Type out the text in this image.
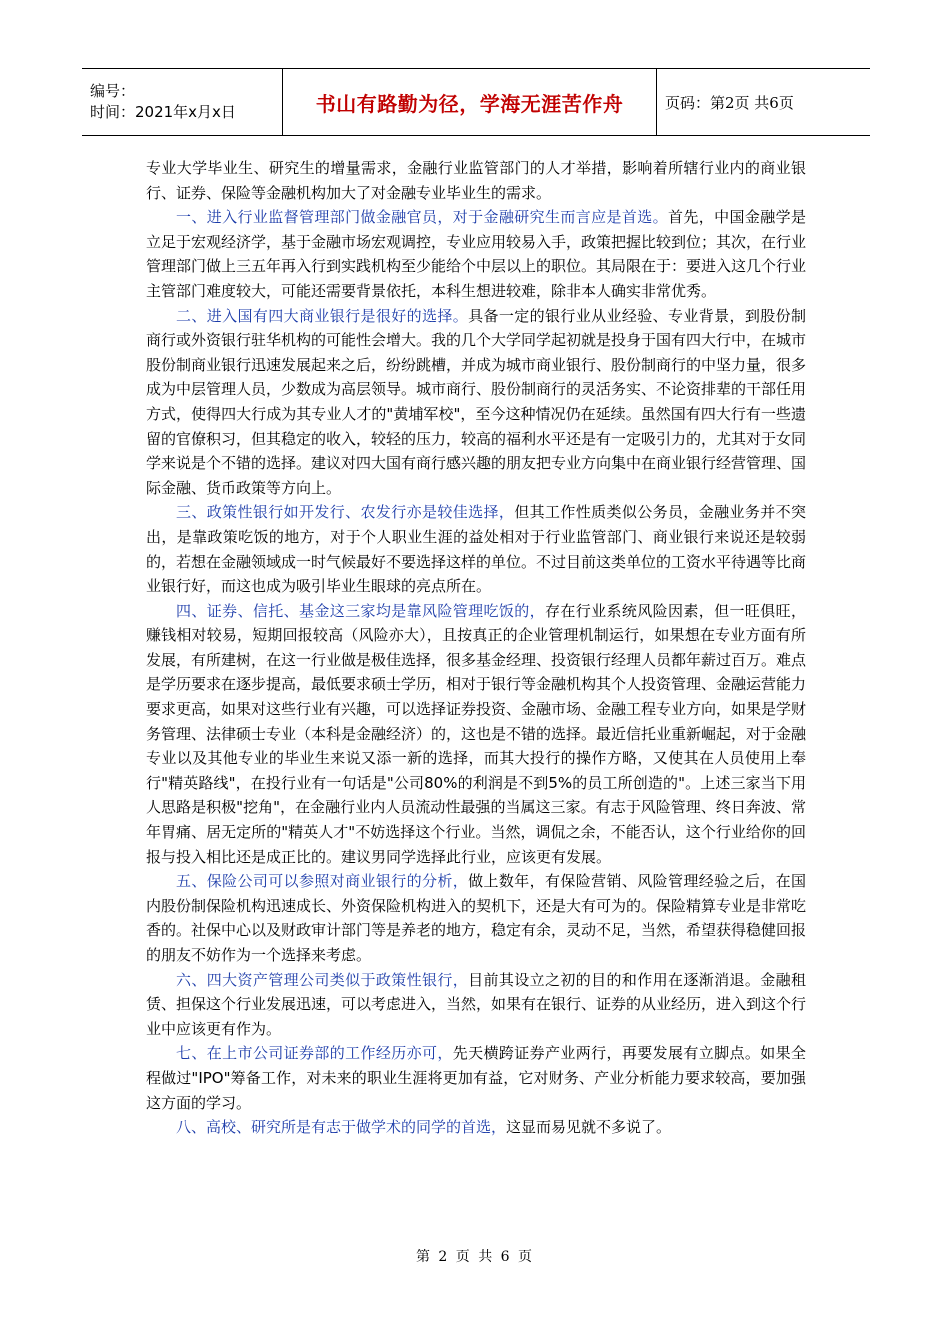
编号：
时间：2021年x月x日	书山有路勤为径，学海无涯苦作舟	页码：第2页 共6页

专业大学毕业生、研究生的增量需求，金融行业监管部门的人才举措，影响着所辖行业内的商业银行、证券、保险等金融机构加大了对金融专业毕业生的需求。

一、进入行业监督管理部门做金融官员，对于金融研究生而言应是首选。首先，中国金融学是立足于宏观经济学，基于金融市场宏观调控，专业应用较易入手，政策把握比较到位；其次，在行业管理部门做上三五年再入行到实践机构至少能给个中层以上的职位。其局限在于：要进入这几个行业主管部门难度较大，可能还需要背景依托，本科生想进较难，除非本人确实非常优秀。

二、进入国有四大商业银行是很好的选择。具备一定的银行业从业经验、专业背景，到股份制商行或外资银行驻华机构的可能性会增大。我的几个大学同学起初就是投身于国有四大行中，在城市股份制商业银行迅速发展起来之后，纷纷跳槽，并成为城市商业银行、股份制商行的中坚力量，很多成为中层管理人员，少数成为高层领导。城市商行、股份制商行的灵活务实、不论资排辈的干部任用方式，使得四大行成为其专业人才的"黄埔军校"，至今这种情况仍在延续。虽然国有四大行有一些遗留的官僚积习，但其稳定的收入，较轻的压力，较高的福利水平还是有一定吸引力的，尤其对于女同学来说是个不错的选择。建议对四大国有商行感兴趣的朋友把专业方向集中在商业银行经营管理、国际金融、货币政策等方向上。

三、政策性银行如开发行、农发行亦是较佳选择，但其工作性质类似公务员，金融业务并不突出，是靠政策吃饭的地方，对于个人职业生涯的益处相对于行业监管部门、商业银行来说还是较弱的，若想在金融领域成一时气候最好不要选择这样的单位。不过目前这类单位的工资水平待遇等比商业银行好，而这也成为吸引毕业生眼球的亮点所在。

四、证券、信托、基金这三家均是靠风险管理吃饭的，存在行业系统风险因素，但一旺俱旺，赚钱相对较易，短期回报较高（风险亦大），且按真正的企业管理机制运行，如果想在专业方面有所发展，有所建树，在这一行业做是极佳选择，很多基金经理、投资银行经理人员都年薪过百万。难点是学历要求在逐步提高，最低要求硕士学历，相对于银行等金融机构其个人投资管理、金融运营能力要求更高，如果对这些行业有兴趣，可以选择证券投资、金融市场、金融工程专业方向，如果是学财务管理、法律硕士专业（本科是金融经济）的，这也是不错的选择。最近信托业重新崛起，对于金融专业以及其他专业的毕业生来说又添一新的选择，而其大投行的操作方略，又使其在人员使用上奉行"精英路线"，在投行业有一句话是"公司80%的利润是不到5%的员工所创造的"。上述三家当下用人思路是积极"挖角"，在金融行业内人员流动性最强的当属这三家。有志于风险管理、终日奔波、常年胃痛、居无定所的"精英人才"不妨选择这个行业。当然，调侃之余，不能否认，这个行业给你的回报与投入相比还是成正比的。建议男同学选择此行业，应该更有发展。

五、保险公司可以参照对商业银行的分析，做上数年，有保险营销、风险管理经验之后，在国内股份制保险机构迅速成长、外资保险机构进入的契机下，还是大有可为的。保险精算专业是非常吃香的。社保中心以及财政审计部门等是养老的地方，稳定有余，灵动不足，当然，希望获得稳健回报的朋友不妨作为一个选择来考虑。

六、四大资产管理公司类似于政策性银行，目前其设立之初的目的和作用在逐渐消退。金融租赁、担保这个行业发展迅速，可以考虑进入，当然，如果有在银行、证券的从业经历，进入到这个行业中应该更有作为。

七、在上市公司证券部的工作经历亦可，先天横跨证券产业两行，再要发展有立脚点。如果全程做过"IPO"筹备工作，对未来的职业生涯将更加有益，它对财务、产业分析能力要求较高，要加强这方面的学习。

八、高校、研究所是有志于做学术的同学的首选，这显而易见就不多说了。

第 2 页 共 6 页
